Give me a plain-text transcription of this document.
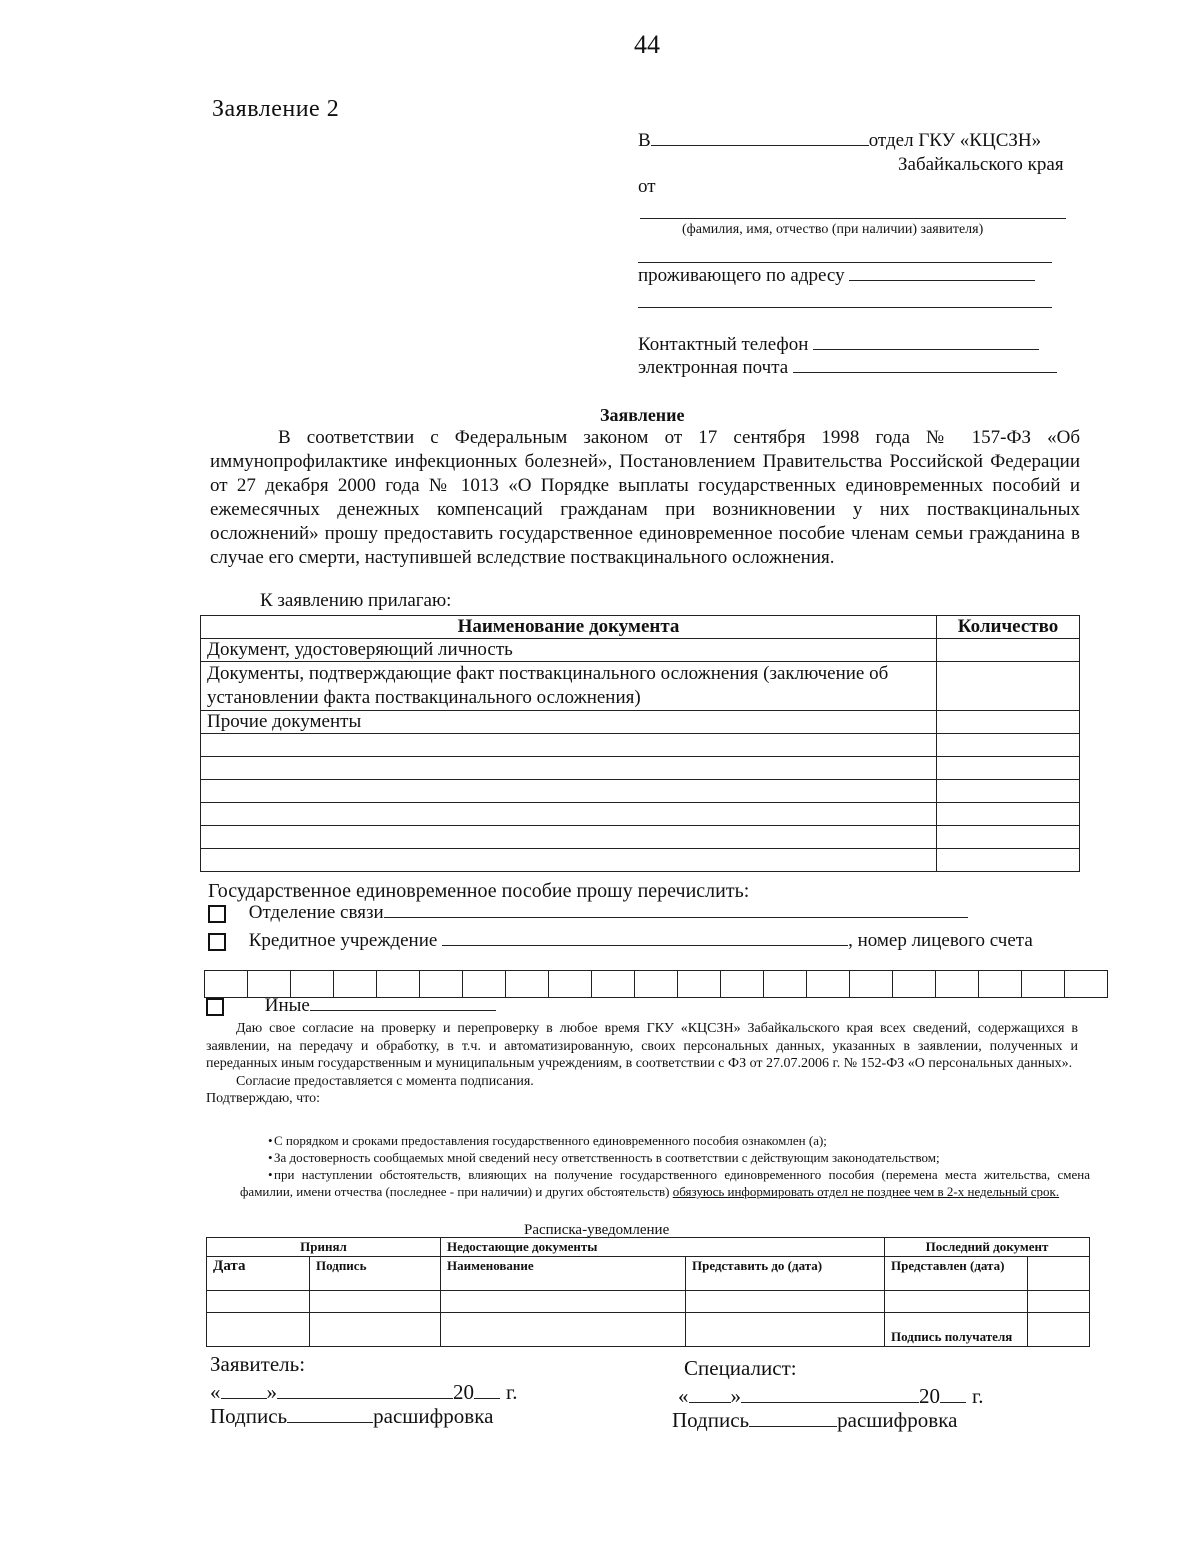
44
Заявление 2
В	отдел ГКУ «КЦСЗН»
Забайкальского края
от
(фамилия, имя, отчество (при наличии) заявителя)
проживающего по адресу
Контактный телефон
электронная почта
Заявление
В соответствии с Федеральным законом от 17 сентября 1998 года № 157-ФЗ «Об иммунопрофилактике инфекционных болезней», Постановлением Правительства Российской Федерации от 27 декабря 2000 года № 1013 «О Порядке выплаты государственных единовременных пособий и ежемесячных денежных компенсаций гражданам при возникновении у них поствакцинальных осложнений» прошу предоставить государственное единовременное пособие членам семьи гражданина в случае его смерти, наступившей вследствие поствакцинального осложнения.
К заявлению прилагаю:
Наименование документа	Количество
Документ, удостоверяющий личность	
Документы, подтверждающие факт поствакцинального осложнения (заключение об установлении факта поствакцинального осложнения)	
Прочие документы	

Государственное единовременное пособие прошу перечислить:
Отделение связи
Кредитное учреждение	, номер лицевого счета
Иные
Даю свое согласие на проверку и перепроверку в любое время ГКУ «КЦСЗН» Забайкальского края всех сведений, содержащихся в заявлении, на передачу и обработку, в т.ч. и автоматизированную, своих персональных данных, указанных в заявлении, полученных и переданных иным государственным и муниципальным учреждениям, в соответствии с ФЗ от 27.07.2006 г. № 152-ФЗ «О персональных данных».
Согласие предоставляется с момента подписания.
Подтверждаю, что:
• С порядком и сроками предоставления государственного единовременного пособия ознакомлен (а);
• За достоверность сообщаемых мной сведений несу ответственность в соответствии с действующим законодательством;
• при наступлении обстоятельств, влияющих на получение государственного единовременного пособия (перемена места жительства, смена фамилии, имени отчества (последнее - при наличии) и других обстоятельств) обязуюсь информировать отдел не позднее чем в 2-х недельный срок.
Расписка-уведомление
Принял		Недостающие документы		Последний документ	
Дата	Подпись	Наименование	Представить до (дата)	Представлен (дата)	

				Подпись получателя	
Заявитель:	Специалист:
« »	20 г.	« »	20 г.
Подпись	расшифровка	Подпись	расшифровка
